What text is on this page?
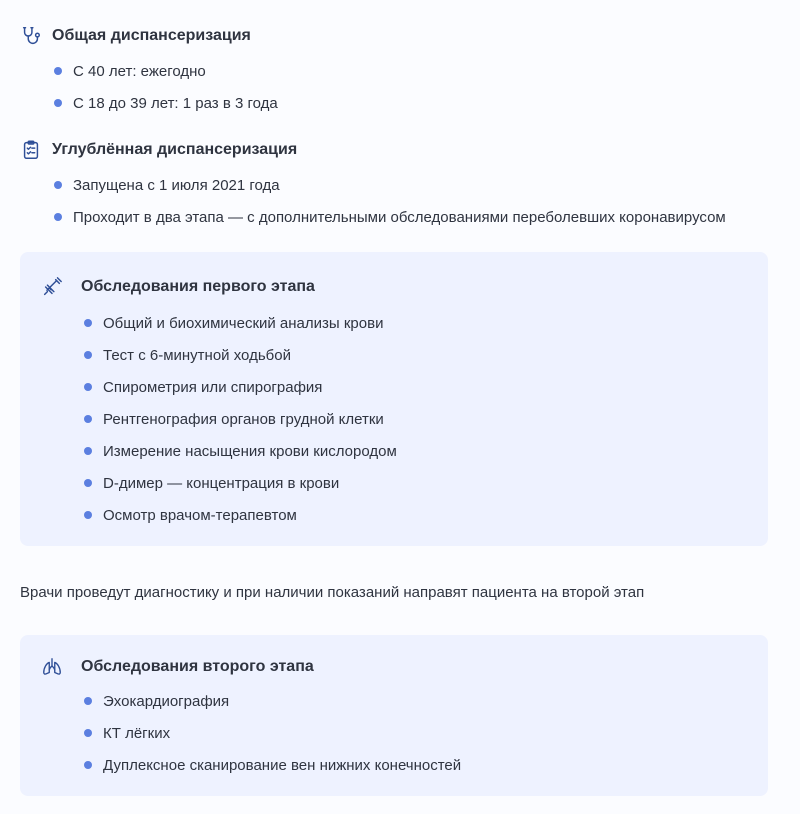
Общая диспансеризация
С 40 лет: ежегодно
С 18 до 39 лет: 1 раз в 3 года
Углублённая диспансеризация
Запущена с 1 июля 2021 года
Проходит в два этапа — с дополнительными обследованиями переболевших коронавирусом
Обследования первого этапа
Общий и биохимический анализы крови
Тест с 6-минутной ходьбой
Спирометрия или спирография
Рентгенография органов грудной клетки
Измерение насыщения крови кислородом
D-димер — концентрация в крови
Осмотр врачом-терапевтом

Врачи проведут диагностику и при наличии показаний направят пациента на второй этап

Обследования второго этапа
Эхокардиография
КТ лёгких
Дуплексное сканирование вен нижних конечностей
